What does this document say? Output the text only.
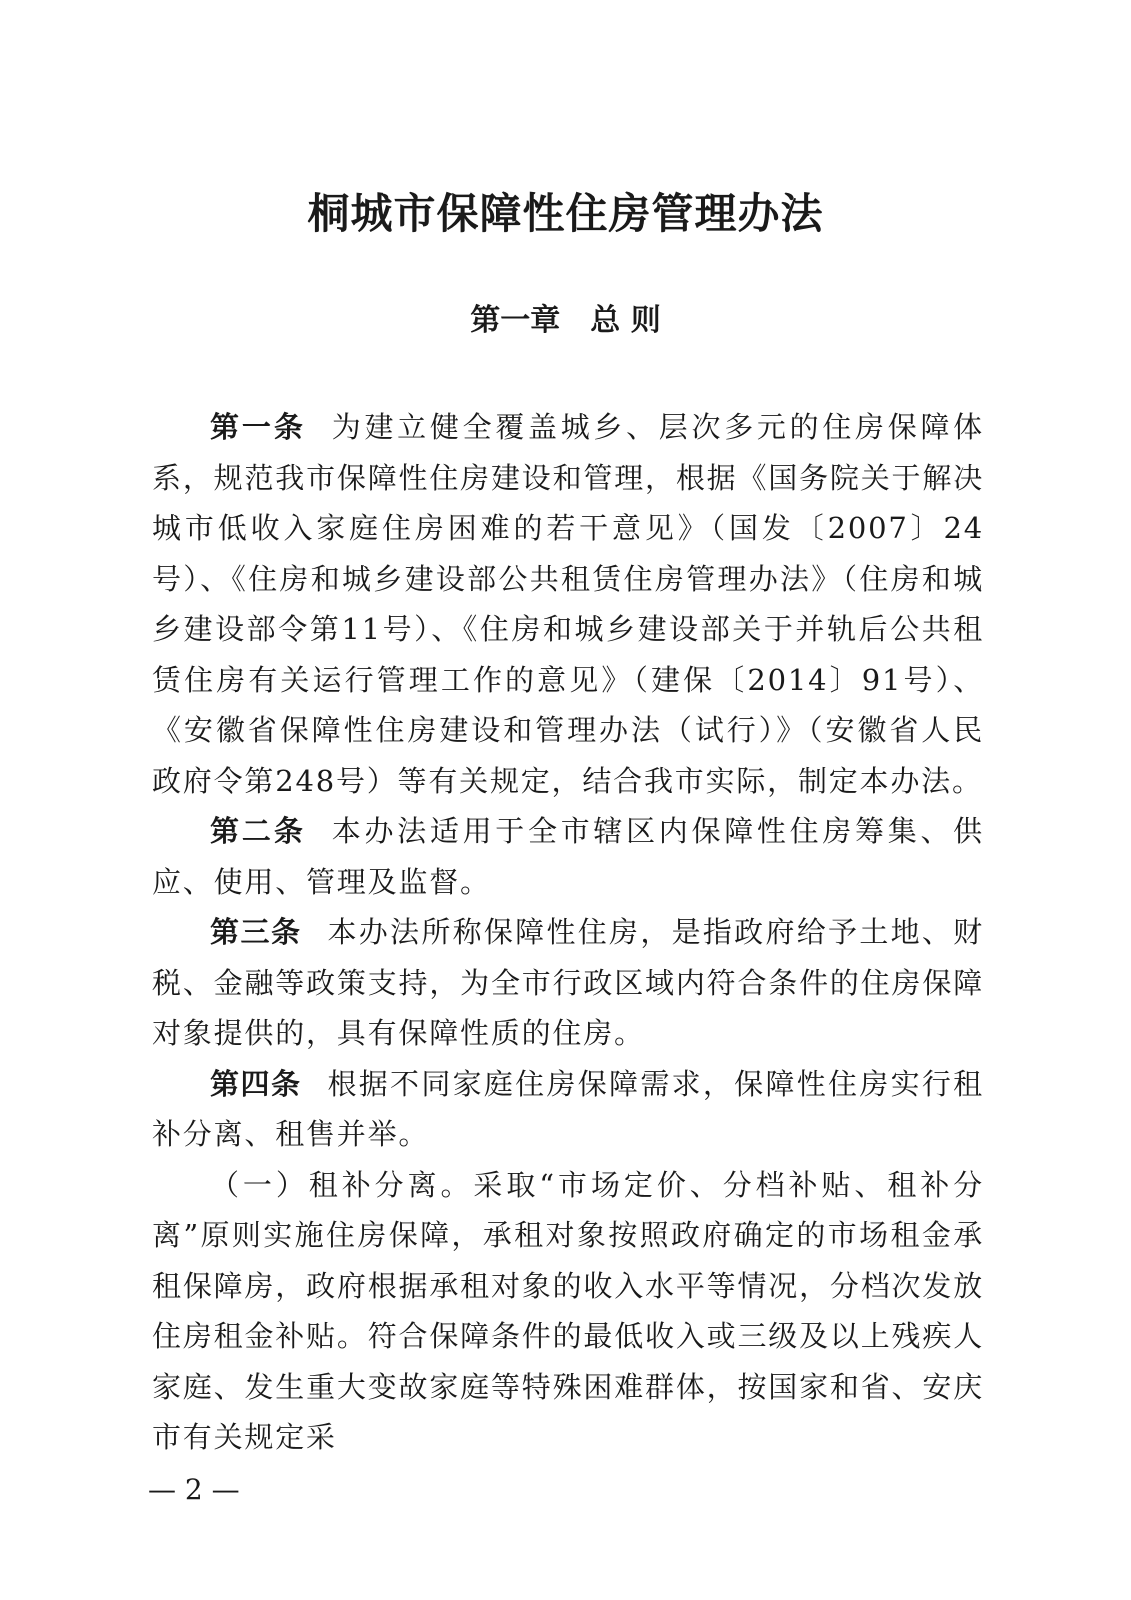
桐城市保障性住房管理办法
第一章　总 则

第一条 为建立健全覆盖城乡、层次多元的住房保障体系，规范我市保障性住房建设和管理，根据《国务院关于解决城市低收入家庭住房困难的若干意见》（国发〔2007〕24号）、《住房和城乡建设部公共租赁住房管理办法》（住房和城乡建设部令第11号）、《住房和城乡建设部关于并轨后公共租赁住房有关运行管理工作的意见》（建保〔2014〕91号）、《安徽省保障性住房建设和管理办法（试行）》（安徽省人民政府令第248号）等有关规定，结合我市实际，制定本办法。

第二条 本办法适用于全市辖区内保障性住房筹集、供应、使用、管理及监督。

第三条 本办法所称保障性住房，是指政府给予土地、财税、金融等政策支持，为全市行政区域内符合条件的住房保障对象提供的，具有保障性质的住房。

第四条 根据不同家庭住房保障需求，保障性住房实行租补分离、租售并举。

（一）租补分离。采取“市场定价、分档补贴、租补分离”原则实施住房保障，承租对象按照政府确定的市场租金承租保障房，政府根据承租对象的收入水平等情况，分档次发放住房租金补贴。符合保障条件的最低收入或三级及以上残疾人家庭、发生重大变故家庭等特殊困难群体，按国家和省、安庆市有关规定采

— 2 —
